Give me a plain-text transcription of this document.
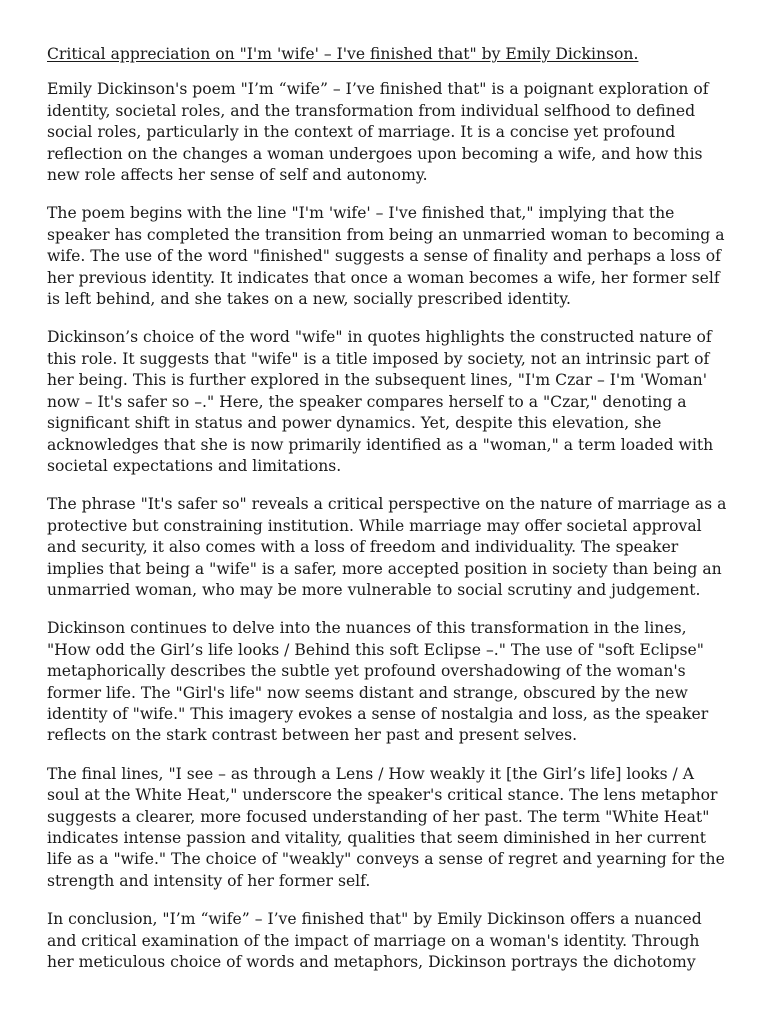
Critical appreciation on "I'm 'wife' – I've finished that" by Emily Dickinson.

Emily Dickinson's poem "I’m “wife” – I’ve finished that" is a poignant exploration of identity, societal roles, and the transformation from individual selfhood to defined social roles, particularly in the context of marriage. It is a concise yet profound reflection on the changes a woman undergoes upon becoming a wife, and how this new role affects her sense of self and autonomy.

The poem begins with the line "I'm 'wife' – I've finished that," implying that the speaker has completed the transition from being an unmarried woman to becoming a wife. The use of the word "finished" suggests a sense of finality and perhaps a loss of her previous identity. It indicates that once a woman becomes a wife, her former self is left behind, and she takes on a new, socially prescribed identity.

Dickinson’s choice of the word "wife" in quotes highlights the constructed nature of this role. It suggests that "wife" is a title imposed by society, not an intrinsic part of her being. This is further explored in the subsequent lines, "I'm Czar – I'm 'Woman' now – It's safer so –." Here, the speaker compares herself to a "Czar," denoting a significant shift in status and power dynamics. Yet, despite this elevation, she acknowledges that she is now primarily identified as a "woman," a term loaded with societal expectations and limitations.

The phrase "It's safer so" reveals a critical perspective on the nature of marriage as a protective but constraining institution. While marriage may offer societal approval and security, it also comes with a loss of freedom and individuality. The speaker implies that being a "wife" is a safer, more accepted position in society than being an unmarried woman, who may be more vulnerable to social scrutiny and judgement.

Dickinson continues to delve into the nuances of this transformation in the lines, "How odd the Girl’s life looks / Behind this soft Eclipse –." The use of "soft Eclipse" metaphorically describes the subtle yet profound overshadowing of the woman's former life. The "Girl's life" now seems distant and strange, obscured by the new identity of "wife." This imagery evokes a sense of nostalgia and loss, as the speaker reflects on the stark contrast between her past and present selves.

The final lines, "I see – as through a Lens / How weakly it [the Girl’s life] looks / A soul at the White Heat," underscore the speaker's critical stance. The lens metaphor suggests a clearer, more focused understanding of her past. The term "White Heat" indicates intense passion and vitality, qualities that seem diminished in her current life as a "wife." The choice of "weakly" conveys a sense of regret and yearning for the strength and intensity of her former self.

In conclusion, "I’m “wife” – I’ve finished that" by Emily Dickinson offers a nuanced and critical examination of the impact of marriage on a woman's identity. Through her meticulous choice of words and metaphors, Dickinson portrays the dichotomy
